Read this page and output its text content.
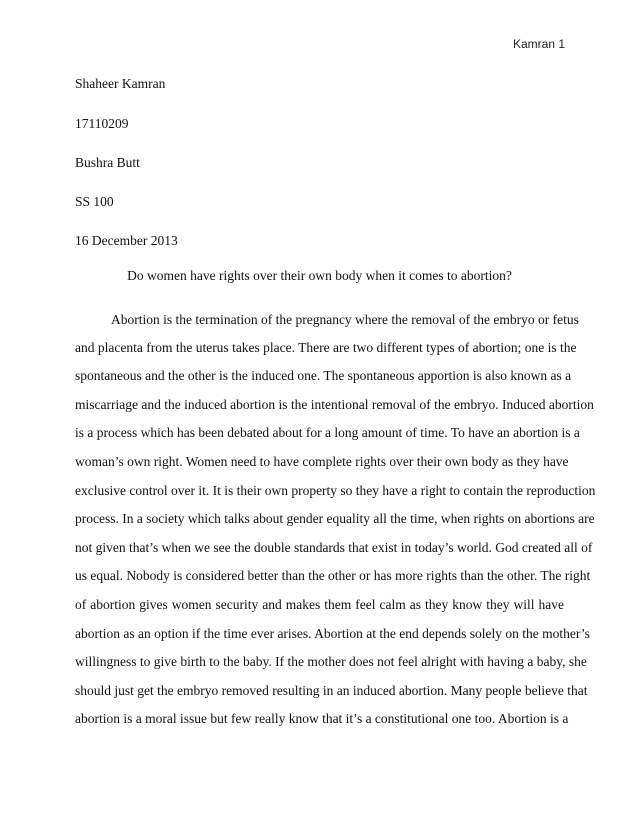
Kamran 1
Shaheer Kamran
17110209
Bushra Butt
SS 100
16 December 2013
Do women have rights over their own body when it comes to abortion?
Abortion is the termination of the pregnancy where the removal of the embryo or fetus
and placenta from the uterus takes place. There are two different types of abortion; one is the
spontaneous and the other is the induced one. The spontaneous apportion is also known as a
miscarriage and the induced abortion is the intentional removal of the embryo. Induced abortion
is a process which has been debated about for a long amount of time. To have an abortion is a
woman’s own right. Women need to have complete rights over their own body as they have
exclusive control over it. It is their own property so they have a right to contain the reproduction
process. In a society which talks about gender equality all the time, when rights on abortions are
not given that’s when we see the double standards that exist in today’s world. God created all of
us equal. Nobody is considered better than the other or has more rights than the other. The right
of abortion gives women security and makes them feel calm as they know they will have
abortion as an option if the time ever arises. Abortion at the end depends solely on the mother’s
willingness to give birth to the baby. If the mother does not feel alright with having a baby, she
should just get the embryo removed resulting in an induced abortion. Many people believe that
abortion is a moral issue but few really know that it’s a constitutional one too. Abortion is a
